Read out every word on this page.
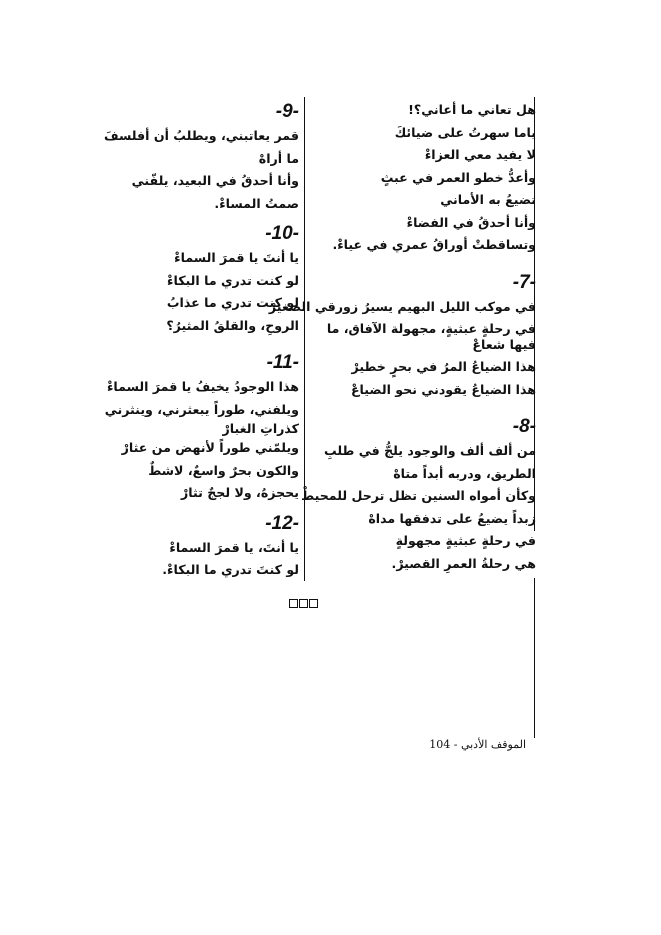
هل تعاني ما أعاني؟!
ياما سهرتُ على ضيائكَ
لا يفيد معي العزاءْ
وأعدُّ خطو العمر في عبثٍ
تضيعُ به الأماني
وأنا أحدقُ في الفضاءْ
وتساقطتْ أوراقُ عمري في عياءْ.
-7-
في موكب الليل البهيم يسيرُ زورقي الصغيرْ
في رحلةٍ عبثيةٍ، مجهولة الآفاق، ما فيها شعاعْ
هذا الضياعُ المرُ في بحرٍ خطيرْ
هذا الضياعُ يقودني نحو الضياعْ
-8-
من ألف ألف والوجود يلجُّ في طلبِ
الطريق، ودربه أبداً متاهْ
وكأن أمواه السنين تظل ترحل للمحيطْ
زبداً يضيعُ على تدفقها مداهْ
في رحلةٍ عبثيةٍ مجهولةٍ
هي رحلةُ العمرِ القصيرْ.
-9-
قمر يعاتبني، ويطلبُ أن أفلسفَ
ما أراهْ
وأنا أحدقُ في البعيد، يلفّني
صمتُ المساءْ.
-10-
يا أنتَ يا قمرَ السماءْ
لو كنت تدري ما البكاءْ
لو كنت تدري ما عذابُ
الروحِ، والقلقُ المثيرُ؟
-11-
هذا الوجودُ يخيفُ يا قمرَ السماءْ
ويلفني، طوراً يبعثرني، وينثرني
كذراتِ الغبارْ
ويلمّني طوراً لأنهض من عثارْ
والكون بحرٌ واسعٌ، لاشطٌ
يحجزهُ، ولا لججٌ تثارْ
-12-
يا أنتَ، يا قمرَ السماءْ
لو كنتَ تدري ما البكاءْ.
الموقف الأدبي - 104
